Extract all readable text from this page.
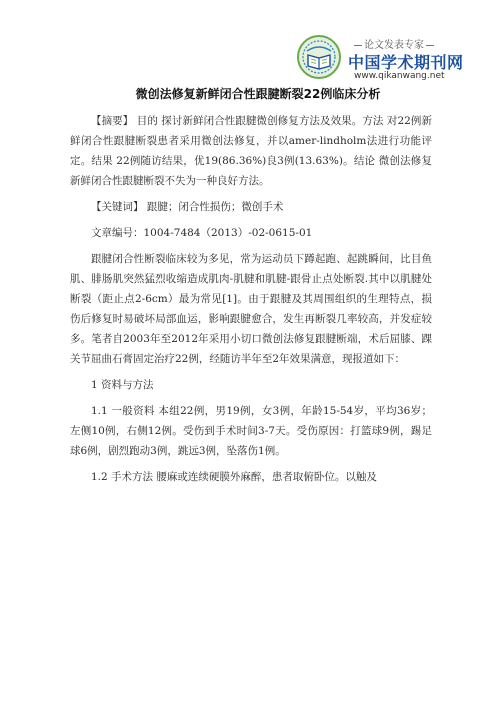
论文发表专家
中国学术期刊网
www.qikanwang.net
微创法修复新鲜闭合性跟腱断裂22例临床分析

【摘要】 目的 探讨新鲜闭合性跟腱微创修复方法及效果。方法 对22例新鲜闭合性跟腱断裂患者采用微创法修复，并以amer-lindholm法进行功能评定。结果 22例随访结果，优19(86.36%)良3例(13.63%)。结论 微创法修复新鲜闭合性跟腱断裂不失为一种良好方法。

【关键词】 跟腱；闭合性损伤；微创手术

文章编号：1004-7484（2013）-02-0615-01

跟腱闭合性断裂临床较为多见，常为运动员下蹲起跑、起跳瞬间，比目鱼肌、腓肠肌突然猛烈收缩造成肌肉-肌腱和肌腱-跟骨止点处断裂.其中以肌腱处断裂（距止点2-6cm）最为常见[1]。由于跟腱及其周围组织的生理特点，损伤后修复时易破坏局部血运，影响跟腱愈合，发生再断裂几率较高，并发症较多。笔者自2003年至2012年采用小切口微创法修复跟腱断端，术后屈膝、踝关节屈曲石膏固定治疗22例，经随访半年至2年效果满意，现报道如下：

1 资料与方法

1.1 一般资料 本组22例，男19例，女3例，年龄15-54岁，平均36岁；左侧10例，右侧12例。受伤到手术时间3-7天。受伤原因：打篮球9例，踢足球6例，剧烈跑动3例，跳远3例，坠落伤1例。

1.2 手术方法 腰麻或连续硬膜外麻醉，患者取俯卧位。以触及
